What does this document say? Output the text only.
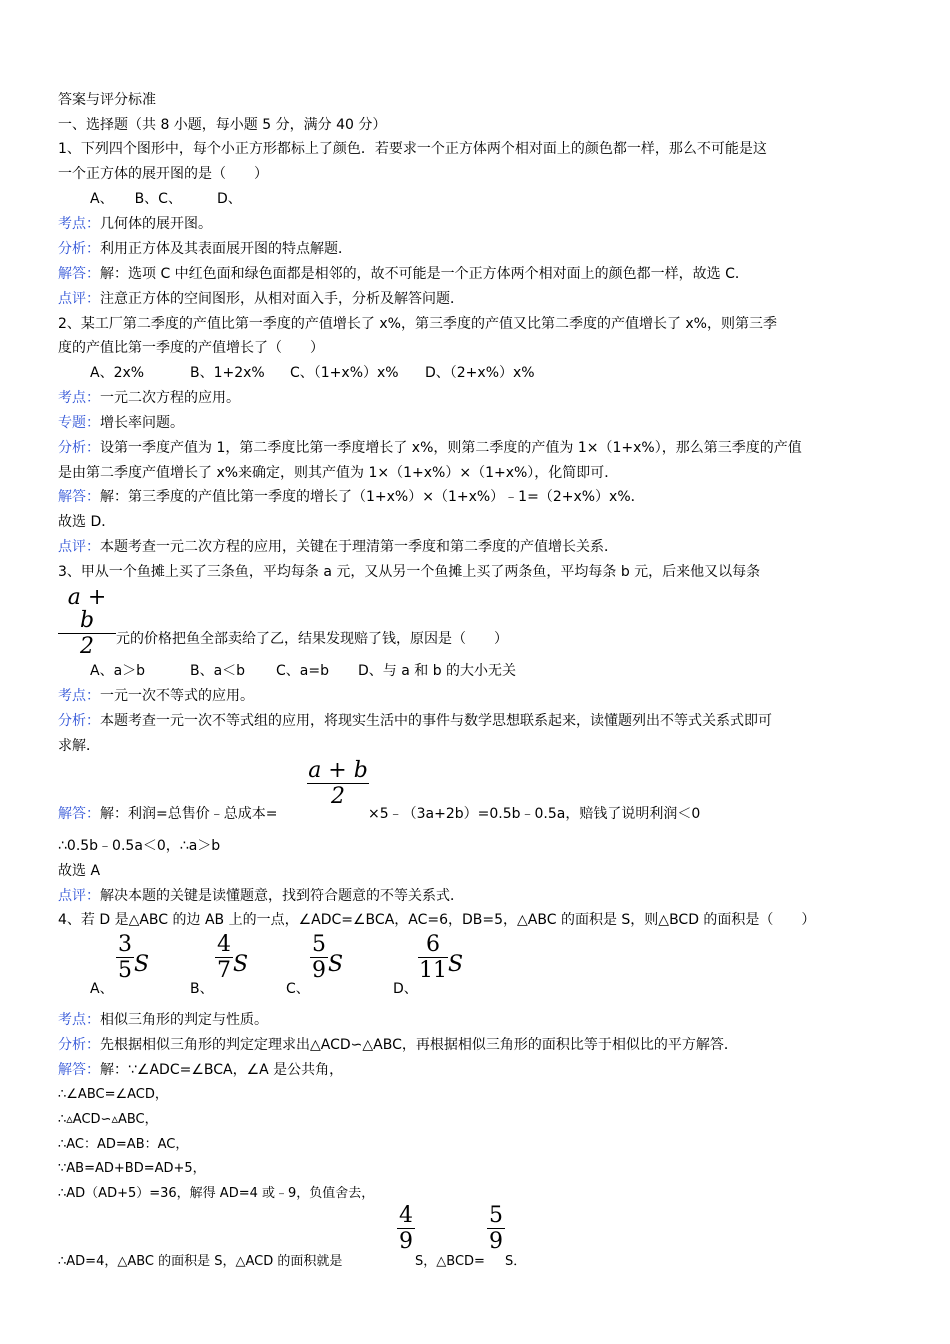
答案与评分标准
一、选择题（共 8 小题，每小题 5 分，满分 40 分）
1、下列四个图形中，每个小正方形都标上了颜色．若要求一个正方体两个相对面上的颜色都一样，那么不可能是这
一个正方体的展开图的是（　　）
A、　　B、C、　　　D、
考点：几何体的展开图。
分析：利用正方体及其表面展开图的特点解题．
解答：解：选项 C 中红色面和绿色面都是相邻的，故不可能是一个正方体两个相对面上的颜色都一样，故选 C．
点评：注意正方体的空间图形，从相对面入手，分析及解答问题．
2、某工厂第二季度的产值比第一季度的产值增长了 x%，第三季度的产值又比第二季度的产值增长了 x%，则第三季
度的产值比第一季度的产值增长了（　　）
A、2x%	B、1+2x% C、（1+x%）x% D、（2+x%）x%
考点：一元二次方程的应用。
专题：增长率问题。
分析：设第一季度产值为 1，第二季度比第一季度增长了 x%，则第二季度的产值为 1×（1+x%），那么第三季度的产值
是由第二季度产值增长了 x%来确定，则其产值为 1×（1+x%）×（1+x%），化简即可．
解答：解：第三季度的产值比第一季度的增长了（1+x%）×（1+x%）﹣1=（2+x%）x%．
故选 D．
点评：本题考查一元二次方程的应用，关键在于理清第一季度和第二季度的产值增长关系．
3、甲从一个鱼摊上买了三条鱼，平均每条 a 元，又从另一个鱼摊上买了两条鱼，平均每条 b 元，后来他又以每条
a + b
2	元的价格把鱼全部卖给了乙，结果发现赔了钱，原因是（　　）
A、a＞b	B、a＜b C、a=b D、与 a 和 b 的大小无关
考点：一元一次不等式的应用。
分析：本题考查一元一次不等式组的应用，将现实生活中的事件与数学思想联系起来，读懂题列出不等式关系式即可
求解．
a + b
2
解答：解：利润=总售价﹣总成本=	×5﹣（3a+2b）=0.5b﹣0.5a，赔钱了说明利润＜0
∴0.5b﹣0.5a＜0，∴a＞b
故选 A
点评：解决本题的关键是读懂题意，找到符合题意的不等关系式．
4、若 D 是△ABC 的边 AB 上的一点，∠ADC=∠BCA，AC=6，DB=5，△ABC 的面积是 S，则△BCD 的面积是（　　）
A、
3
5 S
B、
4
7 S
C、
5
9 S
D、
6
11 S
考点：相似三角形的判定与性质。
分析：先根据相似三角形的判定定理求出△ACD∽△ABC，再根据相似三角形的面积比等于相似比的平方解答．
解答：解：∵∠ADC=∠BCA，∠A 是公共角，
∴∠ABC=∠ACD，
∴▵ACD∽▵ABC，
∴AC：AD=AB：AC，
∵AB=AD+BD=AD+5，
∴AD（AD+5）=36，解得 AD=4 或﹣9，负值舍去，
∴AD=4，△ABC 的面积是 S，△ACD 的面积就是
4
9
S，△BCD=
5
9
S．
